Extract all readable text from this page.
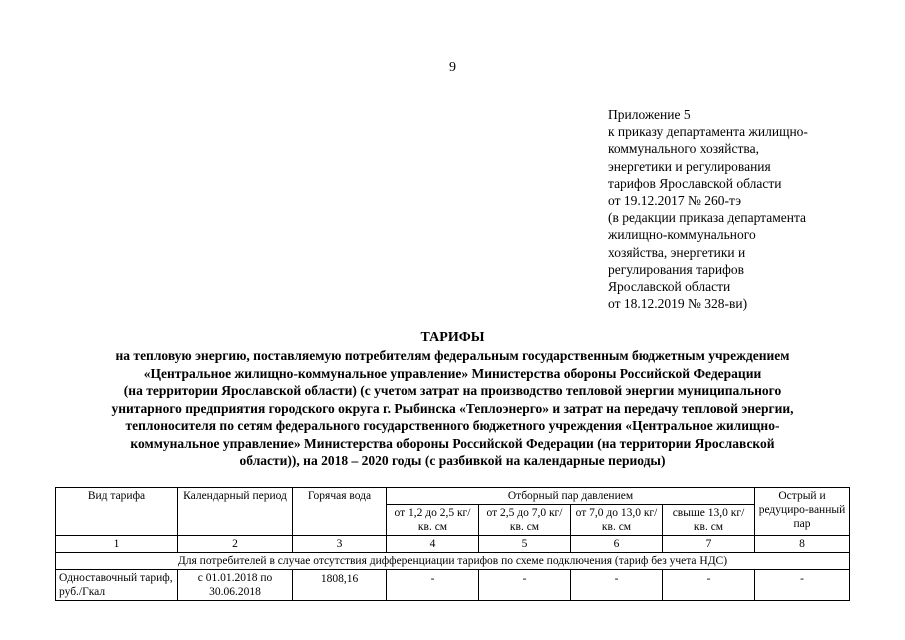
9
Приложение 5
к приказу департамента жилищно-
коммунального хозяйства,
энергетики и регулирования
тарифов Ярославской области
от 19.12.2017 № 260-тэ
(в редакции приказа департамента
жилищно-коммунального
хозяйства, энергетики и
регулирования тарифов
Ярославской области
от 18.12.2019 № 328-ви)
ТАРИФЫ
на тепловую энергию, поставляемую потребителям федеральным государственным бюджетным учреждением
«Центральное жилищно-коммунальное управление» Министерства обороны Российской Федерации
(на территории Ярославской области) (с учетом затрат на производство тепловой энергии муниципального
унитарного предприятия городского округа г. Рыбинска «Теплоэнерго» и затрат на передачу тепловой энергии,
теплоносителя по сетям федерального государственного бюджетного учреждения «Центральное жилищно-
коммунальное управление» Министерства обороны Российской Федерации (на территории Ярославской
области)), на 2018 – 2020 годы (с разбивкой на календарные периоды)
Вид тарифа	Календарный период	Горячая вода	Отборный пар давлением				Острый и редуциро-ванный пар
			от 1,2 до 2,5 кг/ кв. см	от 2,5 до 7,0 кг/ кв. см	от 7,0 до 13,0 кг/ кв. см	свыше 13,0 кг/ кв. см	
1	2	3	4	5	6	7	8
Для потребителей в случае отсутствия дифференциации тарифов по схеме подключения (тариф без учета НДС)							
Одноставочный тариф, руб./Гкал	с 01.01.2018 по 30.06.2018	1808,16	-	-	-	-	-
